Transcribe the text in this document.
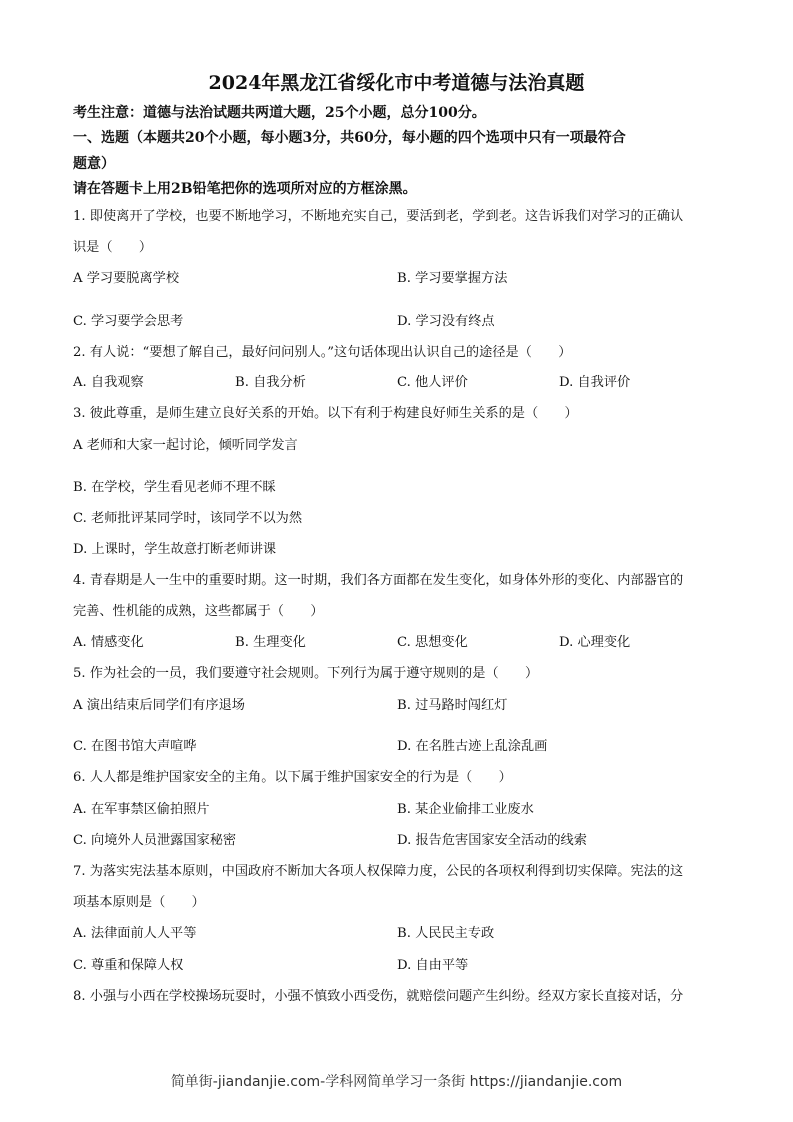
2024年黑龙江省绥化市中考道德与法治真题
考生注意：道德与法治试题共两道大题，25个小题，总分100分。
一、选题（本题共20个小题，每小题3分，共60分，每小题的四个选项中只有一项最符合
题意）
请在答题卡上用2B铅笔把你的选项所对应的方框涂黑。
1. 即使离开了学校，也要不断地学习，不断地充实自己，要活到老，学到老。这告诉我们对学习的正确认
识是（　　）
A 学习要脱离学校	B. 学习要掌握方法
C. 学习要学会思考	D. 学习没有终点
2. 有人说：“要想了解自己，最好问问别人。”这句话体现出认识自己的途径是（　　）
A. 自我观察	B. 自我分析	C. 他人评价	D. 自我评价
3. 彼此尊重，是师生建立良好关系的开始。以下有利于构建良好师生关系的是（　　）
A 老师和大家一起讨论，倾听同学发言
B. 在学校，学生看见老师不理不睬
C. 老师批评某同学时，该同学不以为然
D. 上课时，学生故意打断老师讲课
4. 青春期是人一生中的重要时期。这一时期，我们各方面都在发生变化，如身体外形的变化、内部器官的
完善、性机能的成熟，这些都属于（　　）
A. 情感变化	B. 生理变化	C. 思想变化	D. 心理变化
5. 作为社会的一员，我们要遵守社会规则。下列行为属于遵守规则的是（　　）
A 演出结束后同学们有序退场	B. 过马路时闯红灯
C. 在图书馆大声喧哗	D. 在名胜古迹上乱涂乱画
6. 人人都是维护国家安全的主角。以下属于维护国家安全的行为是（　　）
A. 在军事禁区偷拍照片	B. 某企业偷排工业废水
C. 向境外人员泄露国家秘密	D. 报告危害国家安全活动的线索
7. 为落实宪法基本原则，中国政府不断加大各项人权保障力度，公民的各项权利得到切实保障。宪法的这
项基本原则是（　　）
A. 法律面前人人平等	B. 人民民主专政
C. 尊重和保障人权	D. 自由平等
8. 小强与小西在学校操场玩耍时，小强不慎致小西受伤，就赔偿问题产生纠纷。经双方家长直接对话，分
简单街-jiandanjie.com-学科网简单学习一条街 https://jiandanjie.com
